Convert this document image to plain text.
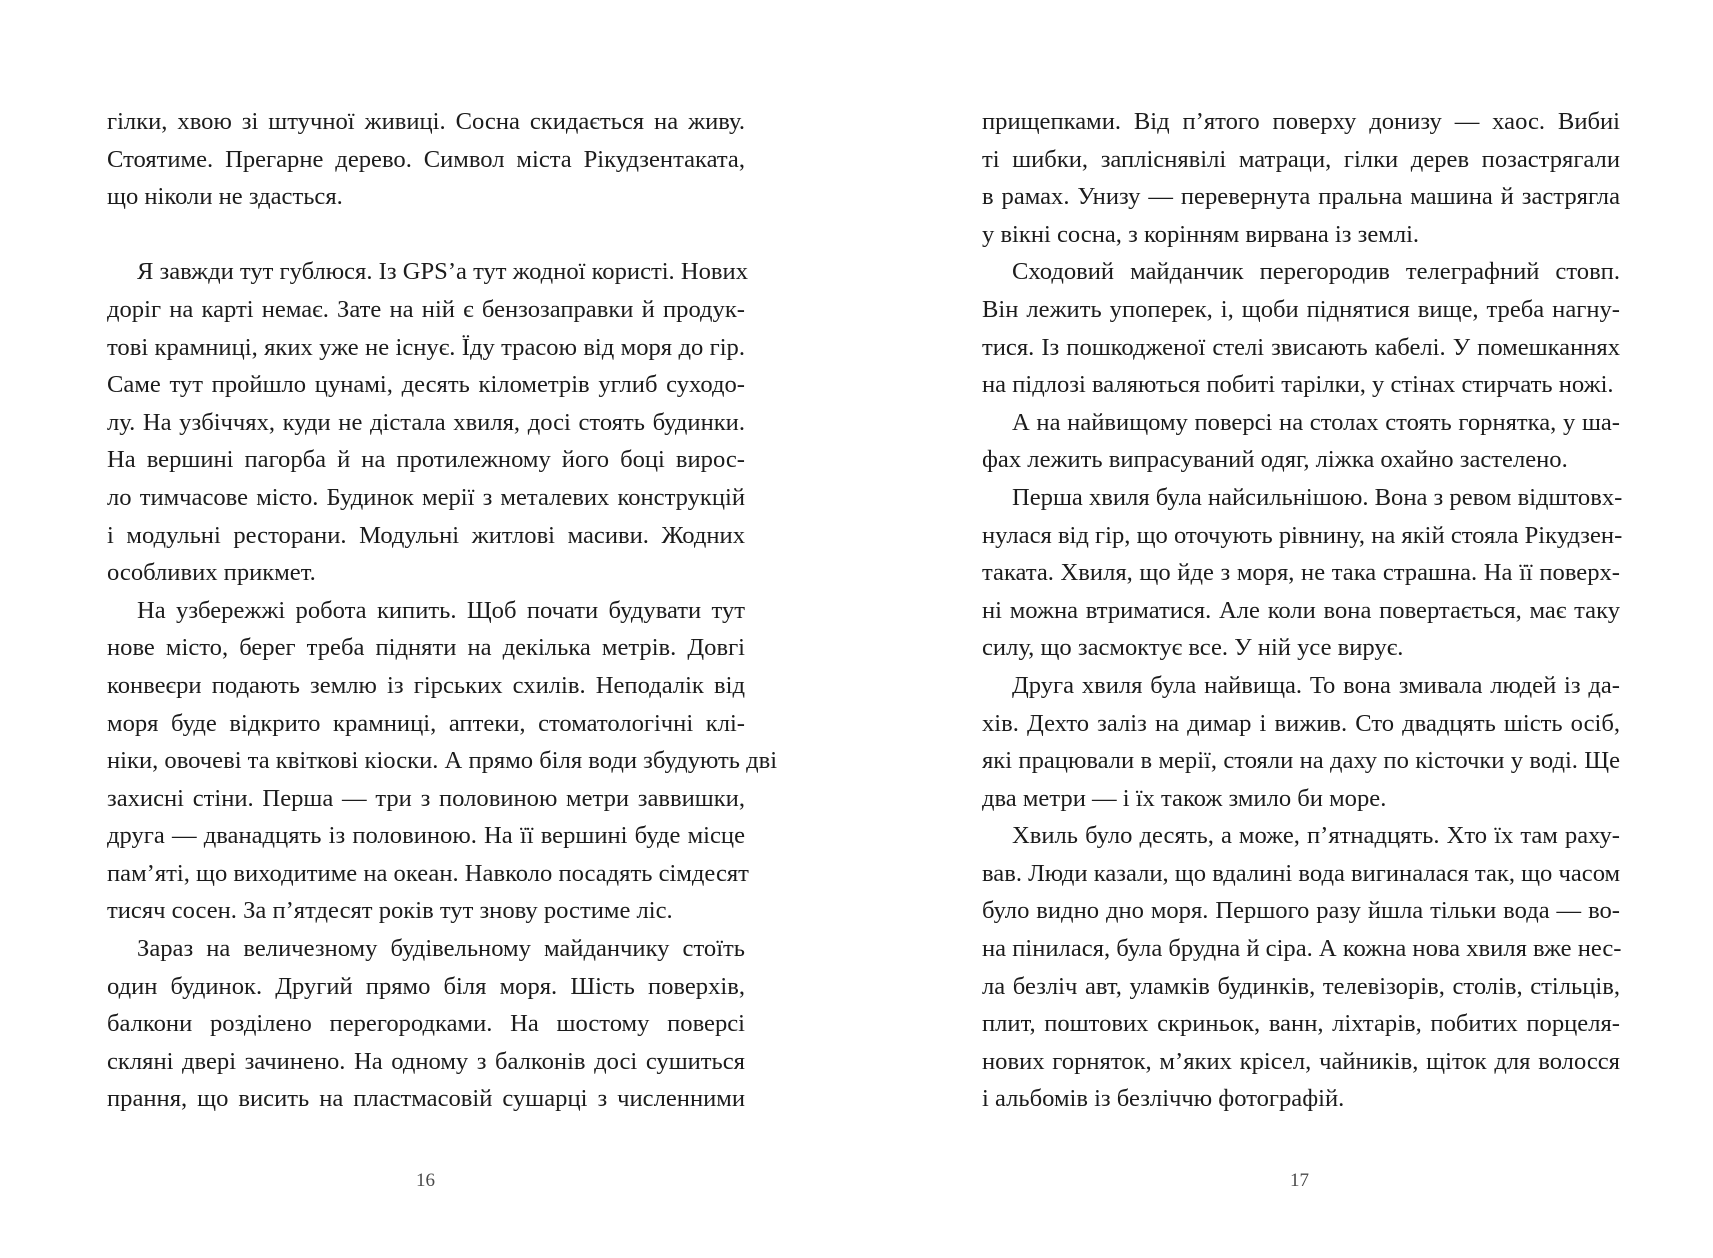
гілки, хвою зі штучної живиці. Сосна скидається на живу.
Стоятиме. Прегарне дерево. Символ міста Рікудзентаката,
що ніколи не здасться.
Я завжди тут гублюся. Із GPS’а тут жодної користі. Нових
доріг на карті немає. Зате на ній є бензозаправки й продук-
тові крамниці, яких уже не існує. Їду трасою від моря до гір.
Саме тут пройшло цунамі, десять кілометрів углиб суходо-
лу. На узбіччях, куди не дістала хвиля, досі стоять будинки.
На вершині пагорба й на протилежному його боці вирос-
ло тимчасове місто. Будинок мерії з металевих конструкцій
і модульні ресторани. Модульні житлові масиви. Жодних
особливих прикмет.
На узбережжі робота кипить. Щоб почати будувати тут
нове місто, берег треба підняти на декілька метрів. Довгі
конвеєри подають землю із гірських схилів. Неподалік від
моря буде відкрито крамниці, аптеки, стоматологічні клі-
ніки, овочеві та квіткові кіоски. А прямо біля води збудують дві
захисні стіни. Перша — три з половиною метри заввишки,
друга — дванадцять із половиною. На її вершині буде місце
пам’яті, що виходитиме на океан. Навколо посадять сімдесят
тисяч сосен. За п’ятдесят років тут знову ростиме ліс.
Зараз на величезному будівельному майданчику стоїть
один будинок. Другий прямо біля моря. Шість поверхів,
балкони розділено перегородками. На шостому поверсі
скляні двері зачинено. На одному з балконів досі сушиться
прання, що висить на пластмасовій сушарці з численними
16
прищепками. Від п’ятого поверху донизу — хаос. Вибиі
ті шибки, запліснявілі матраци, гілки дерев позастрягали
в рамах. Унизу — перевернута пральна машина й застрягла
у вікні сосна, з корінням вирвана із землі.
Сходовий майданчик перегородив телеграфний стовп.
Він лежить упоперек, і, щоби піднятися вище, треба нагну-
тися. Із пошкодженої стелі звисають кабелі. У помешканнях
на підлозі валяються побиті тарілки, у стінах стирчать ножі.
А на найвищому поверсі на столах стоять горнятка, у ша-
фах лежить випрасуваний одяг, ліжка охайно застелено.
Перша хвиля була найсильнішою. Вона з ревом відштовх-
нулася від гір, що оточують рівнину, на якій стояла Рікудзен-
таката. Хвиля, що йде з моря, не така страшна. На її поверх-
ні можна втриматися. Але коли вона повертається, має таку
силу, що засмоктує все. У ній усе вирує.
Друга хвиля була найвища. То вона змивала людей із да-
хів. Дехто заліз на димар і вижив. Сто двадцять шість осіб,
які працювали в мерії, стояли на даху по кісточки у воді. Ще
два метри — і їх також змило би море.
Хвиль було десять, а може, п’ятнадцять. Хто їх там раху-
вав. Люди казали, що вдалині вода вигиналася так, що часом
було видно дно моря. Першого разу йшла тільки вода — во-
на пінилася, була брудна й сіра. А кожна нова хвиля вже нес-
ла безліч авт, уламків будинків, телевізорів, столів, стільців,
плит, поштових скриньок, ванн, ліхтарів, побитих порцеля-
нових горняток, м’яких крісел, чайників, щіток для волосся
і альбомів із безліччю фотографій.
17
